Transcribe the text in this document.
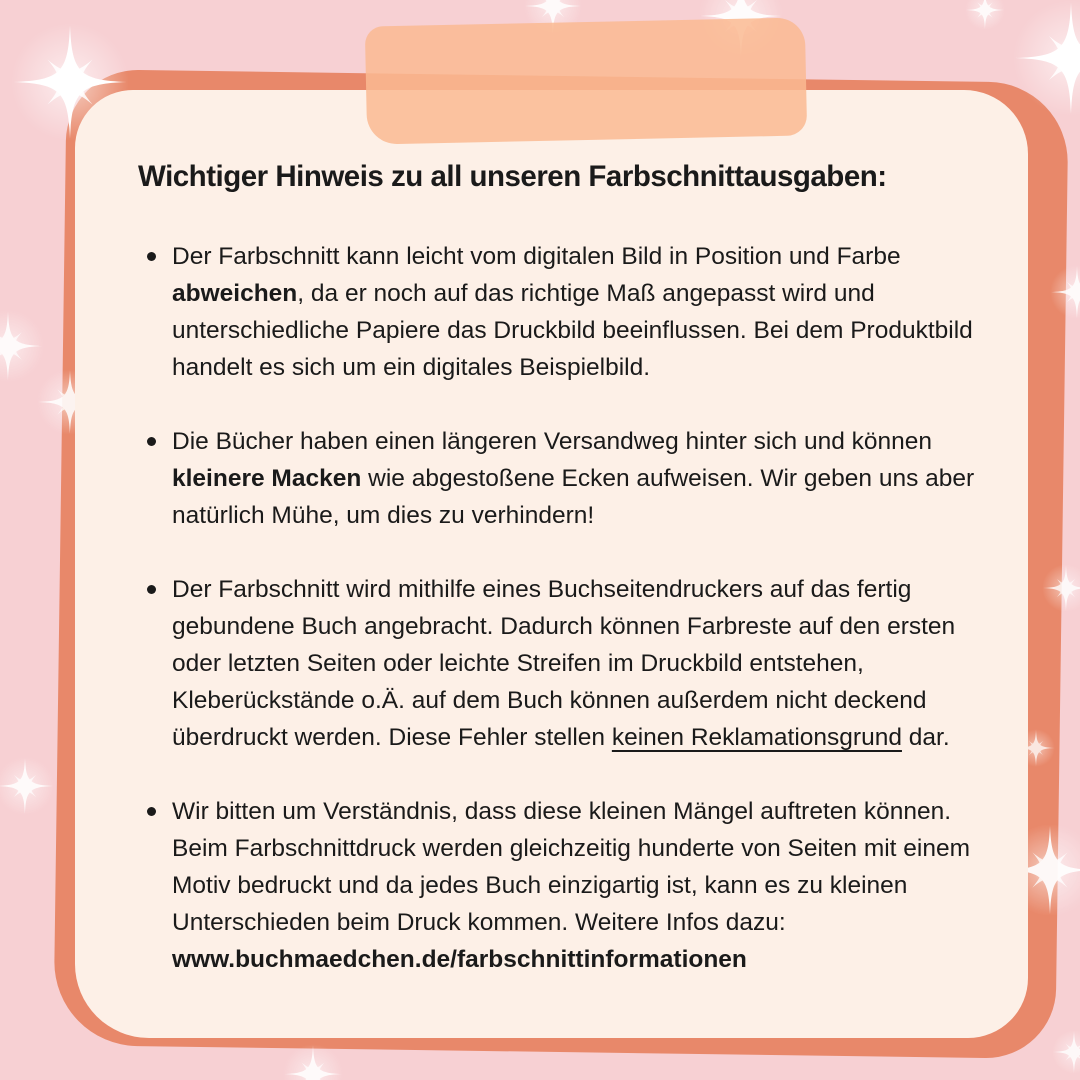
Wichtiger Hinweis zu all unseren Farbschnittausgaben:
Der Farbschnitt kann leicht vom digitalen Bild in Position und Farbe abweichen, da er noch auf das richtige Maß angepasst wird und unterschiedliche Papiere das Druckbild beeinflussen. Bei dem Produktbild handelt es sich um ein digitales Beispielbild.
Die Bücher haben einen längeren Versandweg hinter sich und können kleinere Macken wie abgestoßene Ecken aufweisen. Wir geben uns aber natürlich Mühe, um dies zu verhindern!
Der Farbschnitt wird mithilfe eines Buchseitendruckers auf das fertig gebundene Buch angebracht. Dadurch können Farbreste auf den ersten oder letzten Seiten oder leichte Streifen im Druckbild entstehen, Kleberückstände o.Ä. auf dem Buch können außerdem nicht deckend überdruckt werden. Diese Fehler stellen keinen Reklamationsgrund dar.
Wir bitten um Verständnis, dass diese kleinen Mängel auftreten können. Beim Farbschnittdruck werden gleichzeitig hunderte von Seiten mit einem Motiv bedruckt und da jedes Buch einzigartig ist, kann es zu kleinen Unterschieden beim Druck kommen. Weitere Infos dazu: www.buchmaedchen.de/farbschnittinformationen
